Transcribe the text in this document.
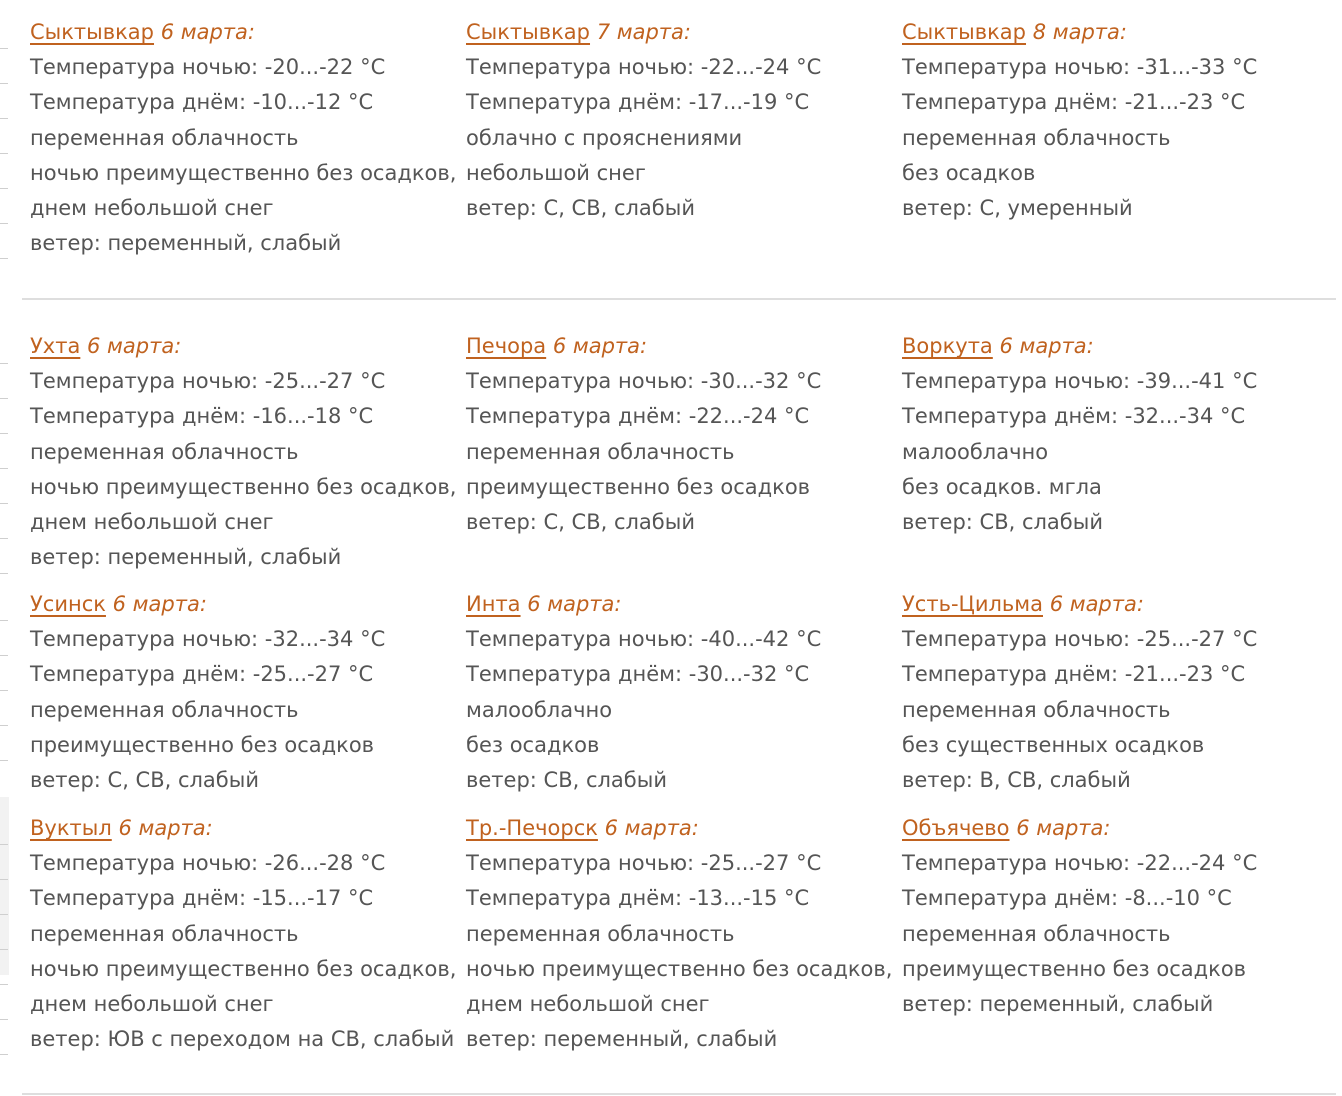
Сыктывкар 6 марта:
Температура ночью: -20...-22 °C
Температура днём: -10...-12 °C
переменная облачность
ночью преимущественно без осадков,
днем небольшой снег
ветер: переменный, слабый
Сыктывкар 7 марта:
Температура ночью: -22...-24 °C
Температура днём: -17...-19 °C
облачно с прояснениями
небольшой снег
ветер: С, СВ, слабый
Сыктывкар 8 марта:
Температура ночью: -31...-33 °C
Температура днём: -21...-23 °C
переменная облачность
без осадков
ветер: С, умеренный
Ухта 6 марта:
Температура ночью: -25...-27 °C
Температура днём: -16...-18 °C
переменная облачность
ночью преимущественно без осадков,
днем небольшой снег
ветер: переменный, слабый
Печора 6 марта:
Температура ночью: -30...-32 °C
Температура днём: -22...-24 °C
переменная облачность
преимущественно без осадков
ветер: С, СВ, слабый
Воркута 6 марта:
Температура ночью: -39...-41 °C
Температура днём: -32...-34 °C
малооблачно
без осадков. мгла
ветер: СВ, слабый
Усинск 6 марта:
Температура ночью: -32...-34 °C
Температура днём: -25...-27 °C
переменная облачность
преимущественно без осадков
ветер: С, СВ, слабый
Инта 6 марта:
Температура ночью: -40...-42 °C
Температура днём: -30...-32 °C
малооблачно
без осадков
ветер: СВ, слабый
Усть-Цильма 6 марта:
Температура ночью: -25...-27 °C
Температура днём: -21...-23 °C
переменная облачность
без существенных осадков
ветер: В, СВ, слабый
Вуктыл 6 марта:
Температура ночью: -26...-28 °C
Температура днём: -15...-17 °C
переменная облачность
ночью преимущественно без осадков,
днем небольшой снег
ветер: ЮВ с переходом на СВ, слабый
Тр.-Печорск 6 марта:
Температура ночью: -25...-27 °C
Температура днём: -13...-15 °C
переменная облачность
ночью преимущественно без осадков,
днем небольшой снег
ветер: переменный, слабый
Объячево 6 марта:
Температура ночью: -22...-24 °C
Температура днём: -8...-10 °C
переменная облачность
преимущественно без осадков
ветер: переменный, слабый
